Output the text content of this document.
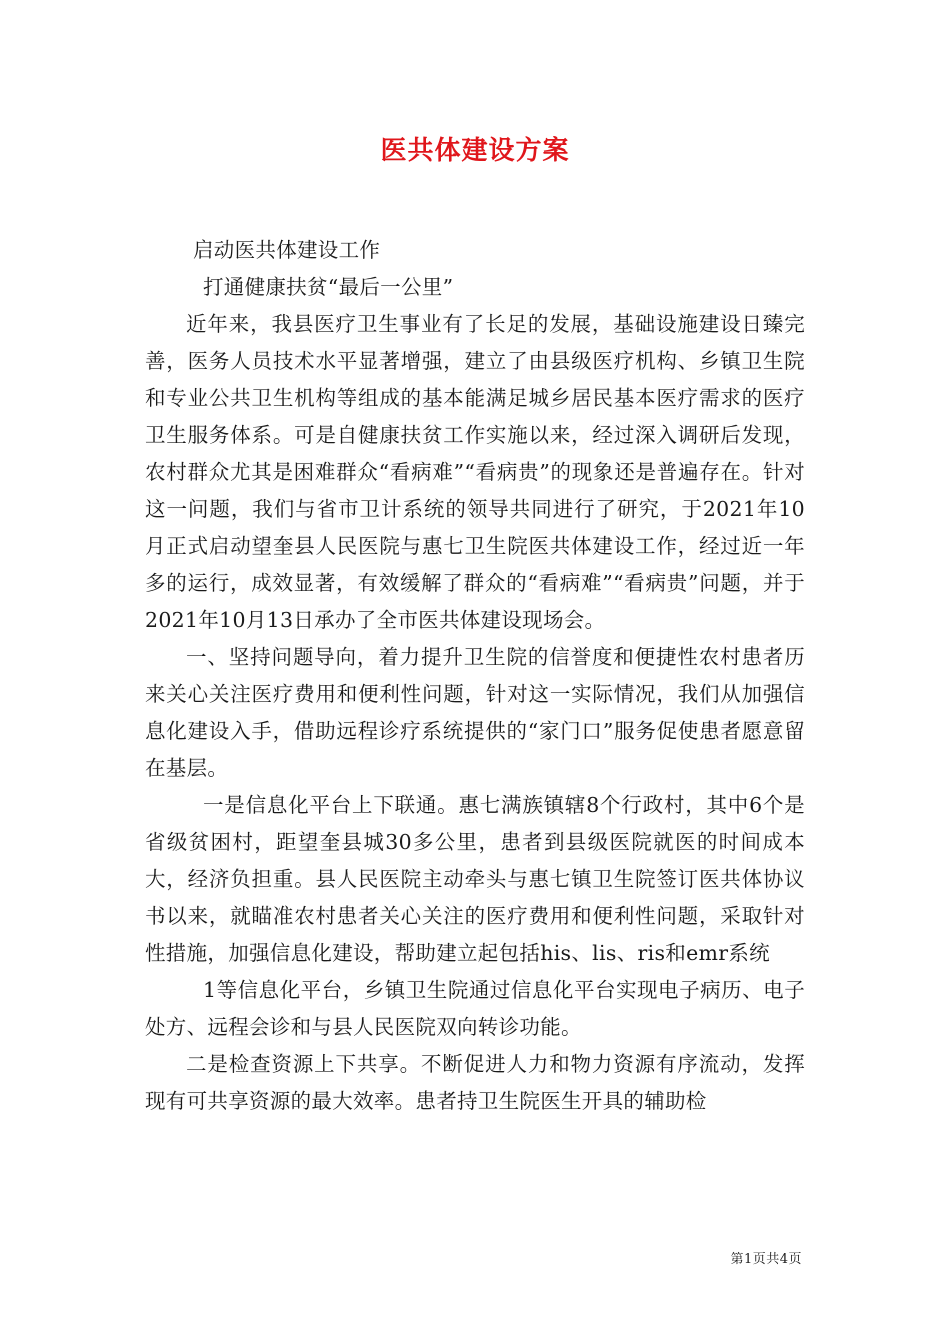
医共体建设方案

启动医共体建设工作

打通健康扶贫“最后一公里”

近年来，我县医疗卫生事业有了长足的发展，基础设施建设日臻完善，医务人员技术水平显著增强，建立了由县级医疗机构、乡镇卫生院和专业公共卫生机构等组成的基本能满足城乡居民基本医疗需求的医疗卫生服务体系。可是自健康扶贫工作实施以来，经过深入调研后发现，农村群众尤其是困难群众“看病难”“看病贵”的现象还是普遍存在。针对这一问题，我们与省市卫计系统的领导共同进行了研究，于2021年10月正式启动望奎县人民医院与惠七卫生院医共体建设工作，经过近一年多的运行，成效显著，有效缓解了群众的“看病难”“看病贵”问题，并于2021年10月13日承办了全市医共体建设现场会。

一、坚持问题导向，着力提升卫生院的信誉度和便捷性农村患者历来关心关注医疗费用和便利性问题，针对这一实际情况，我们从加强信息化建设入手，借助远程诊疗系统提供的“家门口”服务促使患者愿意留在基层。

一是信息化平台上下联通。惠七满族镇辖8个行政村，其中6个是省级贫困村，距望奎县城30多公里，患者到县级医院就医的时间成本大，经济负担重。县人民医院主动牵头与惠七镇卫生院签订医共体协议书以来，就瞄准农村患者关心关注的医疗费用和便利性问题，采取针对性措施，加强信息化建设，帮助建立起包括his、lis、ris和emr系统

1等信息化平台，乡镇卫生院通过信息化平台实现电子病历、电子处方、远程会诊和与县人民医院双向转诊功能。

二是检查资源上下共享。不断促进人力和物力资源有序流动，发挥现有可共享资源的最大效率。患者持卫生院医生开具的辅助检

第1页共4页
